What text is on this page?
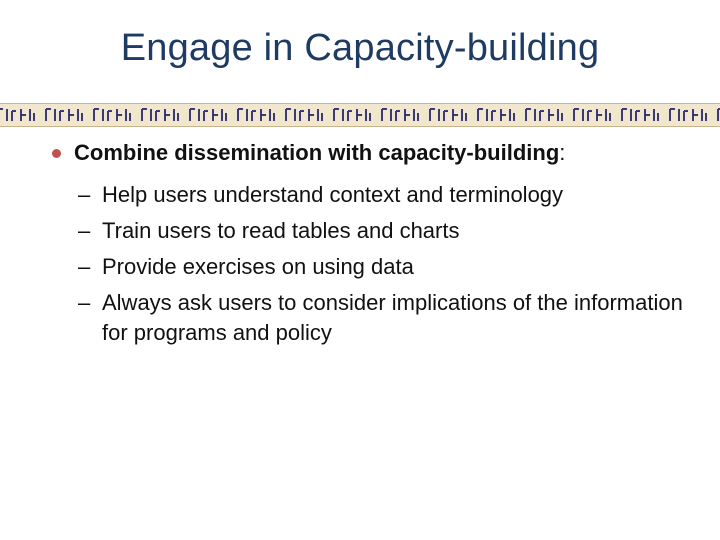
Engage in Capacity-building
Combine dissemination with capacity-building:
– Help users understand context and terminology
– Train users to read tables and charts
– Provide exercises on using data
– Always ask users to consider implications of the information for programs and policy
